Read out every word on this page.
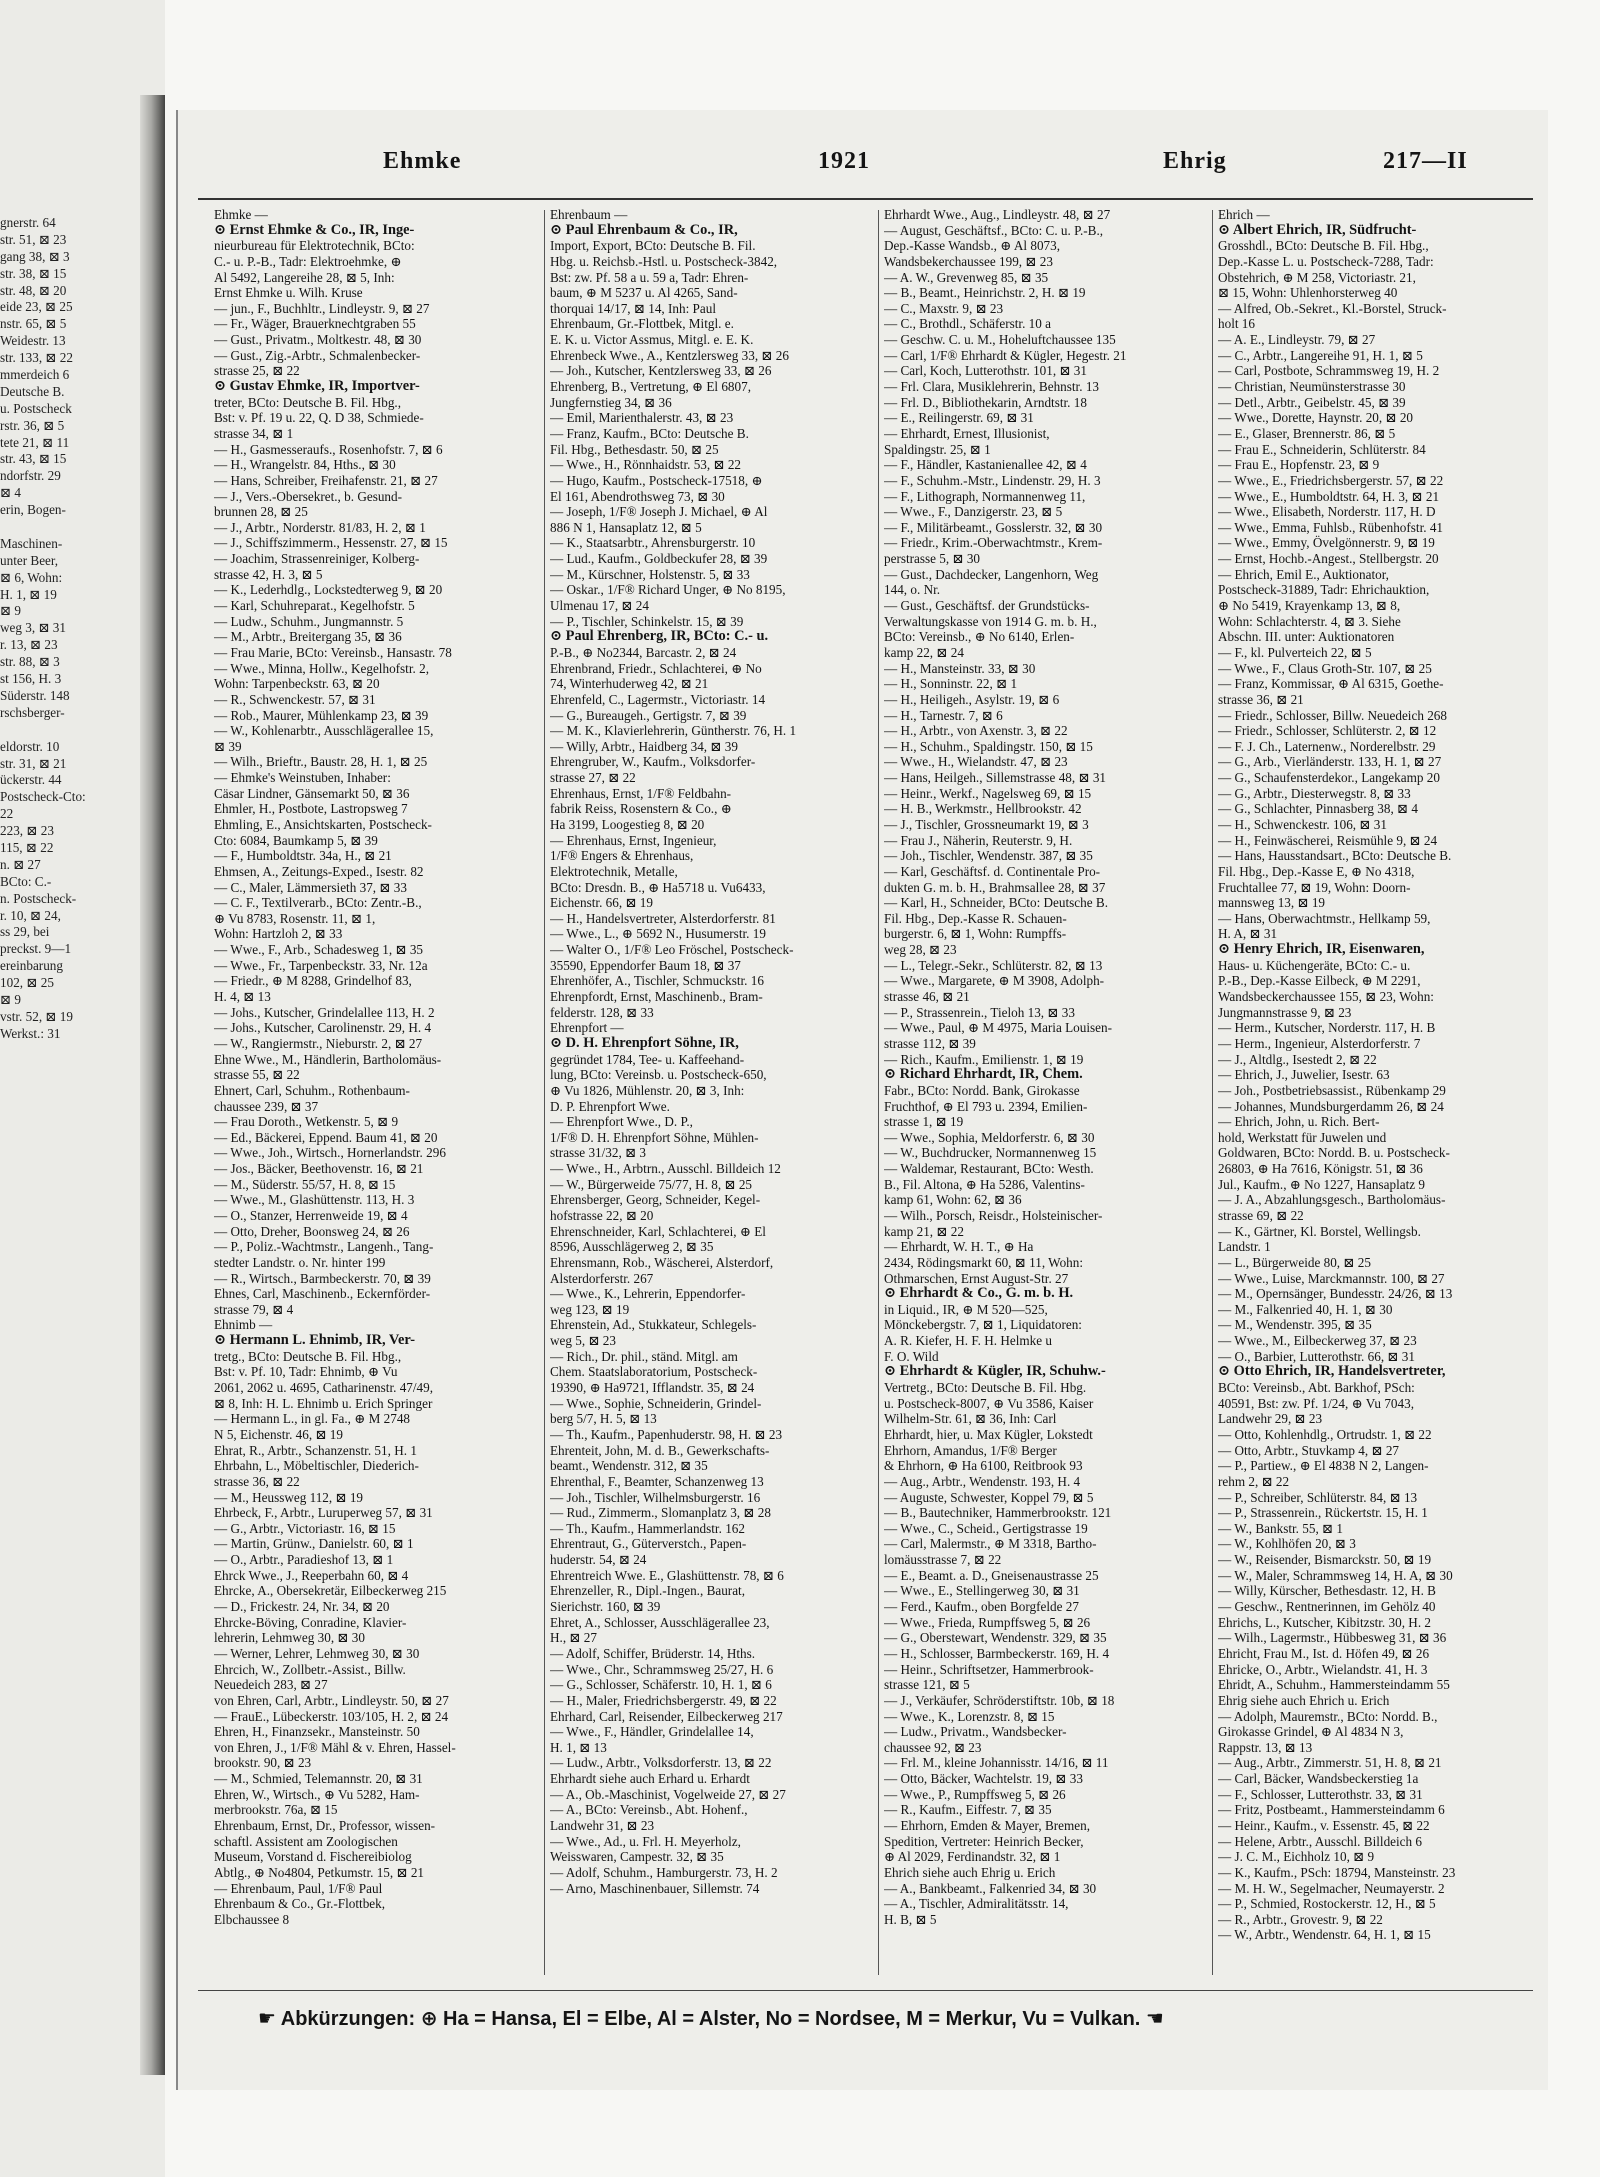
gnerstr. 64
str. 51, ⊠ 23
gang 38, ⊠ 3
str. 38, ⊠ 15
str. 48, ⊠ 20
eide 23, ⊠ 25
nstr. 65, ⊠ 5
Weidestr. 13
str. 133, ⊠ 22
mmerdeich 6
Deutsche B.
u. Postscheck
rstr. 36, ⊠ 5
tete 21, ⊠ 11
str. 43, ⊠ 15
ndorfstr. 29
⊠ 4
erin, Bogen-
Maschinen-
unter Beer,
⊠ 6, Wohn:
H. 1, ⊠ 19
⊠ 9
weg 3, ⊠ 31
r. 13, ⊠ 23
str. 88, ⊠ 3
st 156, H. 3
Süderstr. 148
rschsberger-
eldorstr. 10
str. 31, ⊠ 21
ückerstr. 44
Postscheck-Cto:
22
223, ⊠ 23
115, ⊠ 22
n. ⊠ 27
BCto: C.-
n. Postscheck-
r. 10, ⊠ 24,
ss 29, bei
preckst. 9—1
ereinbarung
102, ⊠ 25
⊠ 9
vstr. 52, ⊠ 19
Werkst.: 31
Ehmke	1921	Ehrig	217—II
Ehmke —
⊙ Ernst Ehmke & Co., IR, Inge-
nieurbureau für Elektrotechnik, BCto:
C.- u. P.-B., Tadr: Elektroehmke, ⊕
Al 5492, Langereihe 28, ⊠ 5, Inh:
Ernst Ehmke u. Wilh. Kruse
— jun., F., Buchhltr., Lindleystr. 9, ⊠ 27
— Fr., Wäger, Brauerknechtgraben 55
— Gust., Privatm., Moltkestr. 48, ⊠ 30
— Gust., Zig.-Arbtr., Schmalenbecker-
strasse 25, ⊠ 22
⊙ Gustav Ehmke, IR, Importver-
treter, BCto: Deutsche B. Fil. Hbg.,
Bst: v. Pf. 19 u. 22, Q. D 38, Schmiede-
strasse 34, ⊠ 1
— H., Gasmesseraufs., Rosenhofstr. 7, ⊠ 6
— H., Wrangelstr. 84, Hths., ⊠ 30
— Hans, Schreiber, Freihafenstr. 21, ⊠ 27
— J., Vers.-Obersekret., b. Gesund-
brunnen 28, ⊠ 25
— J., Arbtr., Norderstr. 81/83, H. 2, ⊠ 1
— J., Schiffszimmerm., Hessenstr. 27, ⊠ 15
— Joachim, Strassenreiniger, Kolberg-
strasse 42, H. 3, ⊠ 5
— K., Lederhdlg., Lockstedterweg 9, ⊠ 20
— Karl, Schuhreparat., Kegelhofstr. 5
— Ludw., Schuhm., Jungmannstr. 5
— M., Arbtr., Breitergang 35, ⊠ 36
— Frau Marie, BCto: Vereinsb., Hansastr. 78
— Wwe., Minna, Hollw., Kegelhofstr. 2,
Wohn: Tarpenbeckstr. 63, ⊠ 20
— R., Schwenckestr. 57, ⊠ 31
— Rob., Maurer, Mühlenkamp 23, ⊠ 39
— W., Kohlenarbtr., Ausschlägerallee 15,
⊠ 39
— Wilh., Brieftr., Baustr. 28, H. 1, ⊠ 25
— Ehmke's Weinstuben, Inhaber:
Cäsar Lindner, Gänsemarkt 50, ⊠ 36
Ehmler, H., Postbote, Lastropsweg 7
Ehmling, E., Ansichtskarten, Postscheck-
Cto: 6084, Baumkamp 5, ⊠ 39
— F., Humboldtstr. 34a, H., ⊠ 21
Ehmsen, A., Zeitungs-Exped., Isestr. 82
— C., Maler, Lämmersieth 37, ⊠ 33
— C. F., Textilverarb., BCto: Zentr.-B.,
⊕ Vu 8783, Rosenstr. 11, ⊠ 1,
Wohn: Hartzloh 2, ⊠ 33
— Wwe., F., Arb., Schadesweg 1, ⊠ 35
— Wwe., Fr., Tarpenbeckstr. 33, Nr. 12a
— Friedr., ⊕ M 8288, Grindelhof 83,
H. 4, ⊠ 13
— Johs., Kutscher, Grindelallee 113, H. 2
— Johs., Kutscher, Carolinenstr. 29, H. 4
— W., Rangiermstr., Nieburstr. 2, ⊠ 27
Ehne Wwe., M., Händlerin, Bartholomäus-
strasse 55, ⊠ 22
Ehnert, Carl, Schuhm., Rothenbaum-
chaussee 239, ⊠ 37
— Frau Doroth., Wetkenstr. 5, ⊠ 9
— Ed., Bäckerei, Eppend. Baum 41, ⊠ 20
— Wwe., Joh., Wirtsch., Hornerlandstr. 296
— Jos., Bäcker, Beethovenstr. 16, ⊠ 21
— M., Süderstr. 55/57, H. 8, ⊠ 15
— Wwe., M., Glashüttenstr. 113, H. 3
— O., Stanzer, Herrenweide 19, ⊠ 4
— Otto, Dreher, Boonsweg 24, ⊠ 26
— P., Poliz.-Wachtmstr., Langenh., Tang-
stedter Landstr. o. Nr. hinter 199
— R., Wirtsch., Barmbeckerstr. 70, ⊠ 39
Ehnes, Carl, Maschinenb., Eckernförder-
strasse 79, ⊠ 4
Ehnimb —
⊙ Hermann L. Ehnimb, IR, Ver-
tretg., BCto: Deutsche B. Fil. Hbg.,
Bst: v. Pf. 10, Tadr: Ehnimb, ⊕ Vu
2061, 2062 u. 4695, Catharinenstr. 47/49,
⊠ 8, Inh: H. L. Ehnimb u. Erich Springer
— Hermann L., in gl. Fa., ⊕ M 2748
N 5, Eichenstr. 46, ⊠ 19
Ehrat, R., Arbtr., Schanzenstr. 51, H. 1
Ehrbahn, L., Möbeltischler, Diederich-
strasse 36, ⊠ 22
— M., Heussweg 112, ⊠ 19
Ehrbeck, F., Arbtr., Luruperweg 57, ⊠ 31
— G., Arbtr., Victoriastr. 16, ⊠ 15
— Martin, Grünw., Danielstr. 60, ⊠ 1
— O., Arbtr., Paradieshof 13, ⊠ 1
Ehrck Wwe., J., Reeperbahn 60, ⊠ 4
Ehrcke, A., Obersekretär, Eilbeckerweg 215
— D., Frickestr. 24, Nr. 34, ⊠ 20
Ehrcke-Böving, Conradine, Klavier-
lehrerin, Lehmweg 30, ⊠ 30
— Werner, Lehrer, Lehmweg 30, ⊠ 30
Ehrcich, W., Zollbetr.-Assist., Billw.
Neuedeich 283, ⊠ 27
von Ehren, Carl, Arbtr., Lindleystr. 50, ⊠ 27
— FrauE., Lübeckerstr. 103/105, H. 2, ⊠ 24
Ehren, H., Finanzsekr., Mansteinstr. 50
von Ehren, J., 1/F® Mähl & v. Ehren, Hassel-
brookstr. 90, ⊠ 23
— M., Schmied, Telemannstr. 20, ⊠ 31
Ehren, W., Wirtsch., ⊕ Vu 5282, Ham-
merbrookstr. 76a, ⊠ 15
Ehrenbaum, Ernst, Dr., Professor, wissen-
schaftl. Assistent am Zoologischen
Museum, Vorstand d. Fischereibiolog
Abtlg., ⊕ No4804, Petkumstr. 15, ⊠ 21
— Ehrenbaum, Paul, 1/F® Paul
Ehrenbaum & Co., Gr.-Flottbek,
Elbchaussee 8
Ehrenbaum —
⊙ Paul Ehrenbaum & Co., IR,
Import, Export, BCto: Deutsche B. Fil.
Hbg. u. Reichsb.-Hstl. u. Postscheck-3842,
Bst: zw. Pf. 58 a u. 59 a, Tadr: Ehren-
baum, ⊕ M 5237 u. Al 4265, Sand-
thorquai 14/17, ⊠ 14, Inh: Paul
Ehrenbaum, Gr.-Flottbek, Mitgl. e.
E. K. u. Victor Assmus, Mitgl. e. E. K.
Ehrenbeck Wwe., A., Kentzlersweg 33, ⊠ 26
— Joh., Kutscher, Kentzlersweg 33, ⊠ 26
Ehrenberg, B., Vertretung, ⊕ El 6807,
Jungfernstieg 34, ⊠ 36
— Emil, Marienthalerstr. 43, ⊠ 23
— Franz, Kaufm., BCto: Deutsche B.
Fil. Hbg., Bethesdastr. 50, ⊠ 25
— Wwe., H., Rönnhaidstr. 53, ⊠ 22
— Hugo, Kaufm., Postscheck-17518, ⊕
El 161, Abendrothsweg 73, ⊠ 30
— Joseph, 1/F® Joseph J. Michael, ⊕ Al
886 N 1, Hansaplatz 12, ⊠ 5
— K., Staatsarbtr., Ahrensburgerstr. 10
— Lud., Kaufm., Goldbeckufer 28, ⊠ 39
— M., Kürschner, Holstenstr. 5, ⊠ 33
— Oskar., 1/F® Richard Unger, ⊕ No 8195,
Ulmenau 17, ⊠ 24
— P., Tischler, Schinkelstr. 15, ⊠ 39
⊙ Paul Ehrenberg, IR, BCto: C.- u.
P.-B., ⊕ No2344, Barcastr. 2, ⊠ 24
Ehrenbrand, Friedr., Schlachterei, ⊕ No
74, Winterhuderweg 42, ⊠ 21
Ehrenfeld, C., Lagermstr., Victoriastr. 14
— G., Bureaugeh., Gertigstr. 7, ⊠ 39
— M. K., Klavierlehrerin, Güntherstr. 76, H. 1
— Willy, Arbtr., Haidberg 34, ⊠ 39
Ehrengruber, W., Kaufm., Volksdorfer-
strasse 27, ⊠ 22
Ehrenhaus, Ernst, 1/F® Feldbahn-
fabrik Reiss, Rosenstern & Co., ⊕
Ha 3199, Loogestieg 8, ⊠ 20
— Ehrenhaus, Ernst, Ingenieur,
1/F® Engers & Ehrenhaus,
Elektrotechnik, Metalle,
BCto: Dresdn. B., ⊕ Ha5718 u. Vu6433,
Eichenstr. 66, ⊠ 19
— H., Handelsvertreter, Alsterdorferstr. 81
— Wwe., L., ⊕ 5692 N., Husumerstr. 19
— Walter O., 1/F® Leo Fröschel, Postscheck-
35590, Eppendorfer Baum 18, ⊠ 37
Ehrenhöfer, A., Tischler, Schmuckstr. 16
Ehrenpfordt, Ernst, Maschinenb., Bram-
felderstr. 128, ⊠ 33
Ehrenpfort —
⊙ D. H. Ehrenpfort Söhne, IR,
gegründet 1784, Tee- u. Kaffeehand-
lung, BCto: Vereinsb. u. Postscheck-650,
⊕ Vu 1826, Mühlenstr. 20, ⊠ 3, Inh:
D. P. Ehrenpfort Wwe.
— Ehrenpfort Wwe., D. P.,
1/F® D. H. Ehrenpfort Söhne, Mühlen-
strasse 31/32, ⊠ 3
— Wwe., H., Arbtrn., Ausschl. Billdeich 12
— W., Bürgerweide 75/77, H. 8, ⊠ 25
Ehrensberger, Georg, Schneider, Kegel-
hofstrasse 22, ⊠ 20
Ehrenschneider, Karl, Schlachterei, ⊕ El
8596, Ausschlägerweg 2, ⊠ 35
Ehrensmann, Rob., Wäscherei, Alsterdorf,
Alsterdorferstr. 267
— Wwe., K., Lehrerin, Eppendorfer-
weg 123, ⊠ 19
Ehrenstein, Ad., Stukkateur, Schlegels-
weg 5, ⊠ 23
— Rich., Dr. phil., ständ. Mitgl. am
Chem. Staatslaboratorium, Postscheck-
19390, ⊕ Ha9721, Ifflandstr. 35, ⊠ 24
— Wwe., Sophie, Schneiderin, Grindel-
berg 5/7, H. 5, ⊠ 13
— Th., Kaufm., Papenhuderstr. 98, H. ⊠ 23
Ehrenteit, John, M. d. B., Gewerkschafts-
beamt., Wendenstr. 312, ⊠ 35
Ehrenthal, F., Beamter, Schanzenweg 13
— Joh., Tischler, Wilhelmsburgerstr. 16
— Rud., Zimmerm., Slomanplatz 3, ⊠ 28
— Th., Kaufm., Hammerlandstr. 162
Ehrentraut, G., Güterverstch., Papen-
huderstr. 54, ⊠ 24
Ehrentreich Wwe. E., Glashüttenstr. 78, ⊠ 6
Ehrenzeller, R., Dipl.-Ingen., Baurat,
Sierichstr. 160, ⊠ 39
Ehret, A., Schlosser, Ausschlägerallee 23,
H., ⊠ 27
— Adolf, Schiffer, Brüderstr. 14, Hths.
— Wwe., Chr., Schrammsweg 25/27, H. 6
— G., Schlosser, Schäferstr. 10, H. 1, ⊠ 6
— H., Maler, Friedrichsbergerstr. 49, ⊠ 22
Ehrhard, Carl, Reisender, Eilbeckerweg 217
— Wwe., F., Händler, Grindelallee 14,
H. 1, ⊠ 13
— Ludw., Arbtr., Volksdorferstr. 13, ⊠ 22
Ehrhardt siehe auch Erhard u. Erhardt
— A., Ob.-Maschinist, Vogelweide 27, ⊠ 27
— A., BCto: Vereinsb., Abt. Hohenf.,
Landwehr 31, ⊠ 23
— Wwe., Ad., u. Frl. H. Meyerholz,
Weisswaren, Campestr. 32, ⊠ 35
— Adolf, Schuhm., Hamburgerstr. 73, H. 2
— Arno, Maschinenbauer, Sillemstr. 74
Ehrhardt Wwe., Aug., Lindleystr. 48, ⊠ 27
— August, Geschäftsf., BCto: C. u. P.-B.,
Dep.-Kasse Wandsb., ⊕ Al 8073,
Wandsbekerchaussee 199, ⊠ 23
— A. W., Grevenweg 85, ⊠ 35
— B., Beamt., Heinrichstr. 2, H. ⊠ 19
— C., Maxstr. 9, ⊠ 23
— C., Brothdl., Schäferstr. 10 a
— Geschw. C. u. M., Hoheluftchaussee 135
— Carl, 1/F® Ehrhardt & Kügler, Hegestr. 21
— Carl, Koch, Lutterothstr. 101, ⊠ 31
— Frl. Clara, Musiklehrerin, Behnstr. 13
— Frl. D., Bibliothekarin, Arndtstr. 18
— E., Reilingerstr. 69, ⊠ 31
— Ehrhardt, Ernest, Illusionist,
Spaldingstr. 25, ⊠ 1
— F., Händler, Kastanienallee 42, ⊠ 4
— F., Schuhm.-Mstr., Lindenstr. 29, H. 3
— F., Lithograph, Normannenweg 11,
— Wwe., F., Danzigerstr. 23, ⊠ 5
— F., Militärbeamt., Gosslerstr. 32, ⊠ 30
— Friedr., Krim.-Oberwachtmstr., Krem-
perstrasse 5, ⊠ 30
— Gust., Dachdecker, Langenhorn, Weg
144, o. Nr.
— Gust., Geschäftsf. der Grundstücks-
Verwaltungskasse von 1914 G. m. b. H.,
BCto: Vereinsb., ⊕ No 6140, Erlen-
kamp 22, ⊠ 24
— H., Mansteinstr. 33, ⊠ 30
— H., Sonninstr. 22, ⊠ 1
— H., Heiligeh., Asylstr. 19, ⊠ 6
— H., Tarnestr. 7, ⊠ 6
— H., Arbtr., von Axenstr. 3, ⊠ 22
— H., Schuhm., Spaldingstr. 150, ⊠ 15
— Wwe., H., Wielandstr. 47, ⊠ 23
— Hans, Heilgeh., Sillemstrasse 48, ⊠ 31
— Heinr., Werkf., Nagelsweg 69, ⊠ 15
— H. B., Werkmstr., Hellbrookstr. 42
— J., Tischler, Grossneumarkt 19, ⊠ 3
— Frau J., Näherin, Reuterstr. 9, H.
— Joh., Tischler, Wendenstr. 387, ⊠ 35
— Karl, Geschäftsf. d. Continentale Pro-
dukten G. m. b. H., Brahmsallee 28, ⊠ 37
— Karl, H., Schneider, BCto: Deutsche B.
Fil. Hbg., Dep.-Kasse R. Schauen-
burgerstr. 6, ⊠ 1, Wohn: Rumpffs-
weg 28, ⊠ 23
— L., Telegr.-Sekr., Schlüterstr. 82, ⊠ 13
— Wwe., Margarete, ⊕ M 3908, Adolph-
strasse 46, ⊠ 21
— P., Strassenrein., Tieloh 13, ⊠ 33
— Wwe., Paul, ⊕ M 4975, Maria Louisen-
strasse 112, ⊠ 39
— Rich., Kaufm., Emilienstr. 1, ⊠ 19
⊙ Richard Ehrhardt, IR, Chem.
Fabr., BCto: Nordd. Bank, Girokasse
Fruchthof, ⊕ El 793 u. 2394, Emilien-
strasse 1, ⊠ 19
— Wwe., Sophia, Meldorferstr. 6, ⊠ 30
— W., Buchdrucker, Normannenweg 15
— Waldemar, Restaurant, BCto: Westh.
B., Fil. Altona, ⊕ Ha 5286, Valentins-
kamp 61, Wohn: 62, ⊠ 36
— Wilh., Porsch, Reisdr., Holsteinischer-
kamp 21, ⊠ 22
— Ehrhardt, W. H. T., ⊕ Ha
2434, Rödingsmarkt 60, ⊠ 11, Wohn:
Othmarschen, Ernst August-Str. 27
⊙ Ehrhardt & Co., G. m. b. H.
in Liquid., IR, ⊕ M 520—525,
Mönckebergstr. 7, ⊠ 1, Liquidatoren:
A. R. Kiefer, H. F. H. Helmke u
F. O. Wild
⊙ Ehrhardt & Kügler, IR, Schuhw.-
Vertretg., BCto: Deutsche B. Fil. Hbg.
u. Postscheck-8007, ⊕ Vu 3586, Kaiser
Wilhelm-Str. 61, ⊠ 36, Inh: Carl
Ehrhardt, hier, u. Max Kügler, Lokstedt
Ehrhorn, Amandus, 1/F® Berger
& Ehrhorn, ⊕ Ha 6100, Reitbrook 93
— Aug., Arbtr., Wendenstr. 193, H. 4
— Auguste, Schwester, Koppel 79, ⊠ 5
— B., Bautechniker, Hammerbrookstr. 121
— Wwe., C., Scheid., Gertigstrasse 19
— Carl, Malermstr., ⊕ M 3318, Bartho-
lomäusstrasse 7, ⊠ 22
— E., Beamt. a. D., Gneisenaustrasse 25
— Wwe., E., Stellingerweg 30, ⊠ 31
— Ferd., Kaufm., oben Borgfelde 27
— Wwe., Frieda, Rumpffsweg 5, ⊠ 26
— G., Oberstewart, Wendenstr. 329, ⊠ 35
— H., Schlosser, Barmbeckerstr. 169, H. 4
— Heinr., Schriftsetzer, Hammerbrook-
strasse 121, ⊠ 5
— J., Verkäufer, Schröderstiftstr. 10b, ⊠ 18
— Wwe., K., Lorenzstr. 8, ⊠ 15
— Ludw., Privatm., Wandsbecker-
chaussee 92, ⊠ 23
— Frl. M., kleine Johannisstr. 14/16, ⊠ 11
— Otto, Bäcker, Wachtelstr. 19, ⊠ 33
— Wwe., P., Rumpffsweg 5, ⊠ 26
— R., Kaufm., Eiffestr. 7, ⊠ 35
— Ehrhorn, Emden & Mayer, Bremen,
Spedition, Vertreter: Heinrich Becker,
⊕ Al 2029, Ferdinandstr. 32, ⊠ 1
Ehrich siehe auch Ehrig u. Erich
— A., Bankbeamt., Falkenried 34, ⊠ 30
— A., Tischler, Admiralitätsstr. 14,
H. B, ⊠ 5
Ehrich —
⊙ Albert Ehrich, IR, Südfrucht-
Grosshdl., BCto: Deutsche B. Fil. Hbg.,
Dep.-Kasse L. u. Postscheck-7288, Tadr:
Obstehrich, ⊕ M 258, Victoriastr. 21,
⊠ 15, Wohn: Uhlenhorsterweg 40
— Alfred, Ob.-Sekret., Kl.-Borstel, Struck-
holt 16
— A. E., Lindleystr. 79, ⊠ 27
— C., Arbtr., Langereihe 91, H. 1, ⊠ 5
— Carl, Postbote, Schrammsweg 19, H. 2
— Christian, Neumünsterstrasse 30
— Detl., Arbtr., Geibelstr. 45, ⊠ 39
— Wwe., Dorette, Haynstr. 20, ⊠ 20
— E., Glaser, Brennerstr. 86, ⊠ 5
— Frau E., Schneiderin, Schlüterstr. 84
— Frau E., Hopfenstr. 23, ⊠ 9
— Wwe., E., Friedrichsbergerstr. 57, ⊠ 22
— Wwe., E., Humboldtstr. 64, H. 3, ⊠ 21
— Wwe., Elisabeth, Norderstr. 117, H. D
— Wwe., Emma, Fuhlsb., Rübenhofstr. 41
— Wwe., Emmy, Övelgönnerstr. 9, ⊠ 19
— Ernst, Hochb.-Angest., Stellbergstr. 20
— Ehrich, Emil E., Auktionator,
Postscheck-31889, Tadr: Ehrichauktion,
⊕ No 5419, Krayenkamp 13, ⊠ 8,
Wohn: Schlachterstr. 4, ⊠ 3. Siehe
Abschn. III. unter: Auktionatoren
— F., kl. Pulverteich 22, ⊠ 5
— Wwe., F., Claus Groth-Str. 107, ⊠ 25
— Franz, Kommissar, ⊕ Al 6315, Goethe-
strasse 36, ⊠ 21
— Friedr., Schlosser, Billw. Neuedeich 268
— Friedr., Schlosser, Schlüterstr. 2, ⊠ 12
— F. J. Ch., Laternenw., Norderelbstr. 29
— G., Arb., Vierländerstr. 133, H. 1, ⊠ 27
— G., Schaufensterdekor., Langekamp 20
— G., Arbtr., Diesterwegstr. 8, ⊠ 33
— G., Schlachter, Pinnasberg 38, ⊠ 4
— H., Schwenckestr. 106, ⊠ 31
— H., Feinwäscherei, Reismühle 9, ⊠ 24
— Hans, Hausstandsart., BCto: Deutsche B.
Fil. Hbg., Dep.-Kasse E, ⊕ No 4318,
Fruchtallee 77, ⊠ 19, Wohn: Doorn-
mannsweg 13, ⊠ 19
— Hans, Oberwachtmstr., Hellkamp 59,
H. A, ⊠ 31
⊙ Henry Ehrich, IR, Eisenwaren,
Haus- u. Küchengeräte, BCto: C.- u.
P.-B., Dep.-Kasse Eilbeck, ⊕ M 2291,
Wandsbeckerchaussee 155, ⊠ 23, Wohn:
Jungmannstrasse 9, ⊠ 23
— Herm., Kutscher, Norderstr. 117, H. B
— Herm., Ingenieur, Alsterdorferstr. 7
— J., Altdlg., Isestedt 2, ⊠ 22
— Ehrich, J., Juwelier, Isestr. 63
— Joh., Postbetriebsassist., Rübenkamp 29
— Johannes, Mundsburgerdamm 26, ⊠ 24
— Ehrich, John, u. Rich. Bert-
hold, Werkstatt für Juwelen und
Goldwaren, BCto: Nordd. B. u. Postscheck-
26803, ⊕ Ha 7616, Königstr. 51, ⊠ 36
Jul., Kaufm., ⊕ No 1227, Hansaplatz 9
— J. A., Abzahlungsgesch., Bartholomäus-
strasse 69, ⊠ 22
— K., Gärtner, Kl. Borstel, Wellingsb.
Landstr. 1
— L., Bürgerweide 80, ⊠ 25
— Wwe., Luise, Marckmannstr. 100, ⊠ 27
— M., Opernsänger, Bundesstr. 24/26, ⊠ 13
— M., Falkenried 40, H. 1, ⊠ 30
— M., Wendenstr. 395, ⊠ 35
— Wwe., M., Eilbeckerweg 37, ⊠ 23
— O., Barbier, Lutterothstr. 66, ⊠ 31
⊙ Otto Ehrich, IR, Handelsvertreter,
BCto: Vereinsb., Abt. Barkhof, PSch:
40591, Bst: zw. Pf. 1/24, ⊕ Vu 7043,
Landwehr 29, ⊠ 23
— Otto, Kohlenhdlg., Ortrudstr. 1, ⊠ 22
— Otto, Arbtr., Stuvkamp 4, ⊠ 27
— P., Partiew., ⊕ El 4838 N 2, Langen-
rehm 2, ⊠ 22
— P., Schreiber, Schlüterstr. 84, ⊠ 13
— P., Strassenrein., Rückertstr. 15, H. 1
— W., Bankstr. 55, ⊠ 1
— W., Kohlhöfen 20, ⊠ 3
— W., Reisender, Bismarckstr. 50, ⊠ 19
— W., Maler, Schrammsweg 14, H. A, ⊠ 30
— Willy, Kürscher, Bethesdastr. 12, H. B
— Geschw., Rentnerinnen, im Gehölz 40
Ehrichs, L., Kutscher, Kibitzstr. 30, H. 2
— Wilh., Lagermstr., Hübbesweg 31, ⊠ 36
Ehricht, Frau M., Ist. d. Höfen 49, ⊠ 26
Ehricke, O., Arbtr., Wielandstr. 41, H. 3
Ehridt, A., Schuhm., Hammersteindamm 55
Ehrig siehe auch Ehrich u. Erich
— Adolph, Mauremstr., BCto: Nordd. B.,
Girokasse Grindel, ⊕ Al 4834 N 3,
Rappstr. 13, ⊠ 13
— Aug., Arbtr., Zimmerstr. 51, H. 8, ⊠ 21
— Carl, Bäcker, Wandsbeckerstieg 1a
— F., Schlosser, Lutterothstr. 33, ⊠ 31
— Fritz, Postbeamt., Hammersteindamm 6
— Heinr., Kaufm., v. Essenstr. 45, ⊠ 22
— Helene, Arbtr., Ausschl. Billdeich 6
— J. C. M., Eichholz 10, ⊠ 9
— K., Kaufm., PSch: 18794, Mansteinstr. 23
— M. H. W., Segelmacher, Neumayerstr. 2
— P., Schmied, Rostockerstr. 12, H., ⊠ 5
— R., Arbtr., Grovestr. 9, ⊠ 22
— W., Arbtr., Wendenstr. 64, H. 1, ⊠ 15
☛ Abkürzungen: ⊕ Ha = Hansa, El = Elbe, Al = Alster, No = Nordsee, M = Merkur, Vu = Vulkan. ☚
